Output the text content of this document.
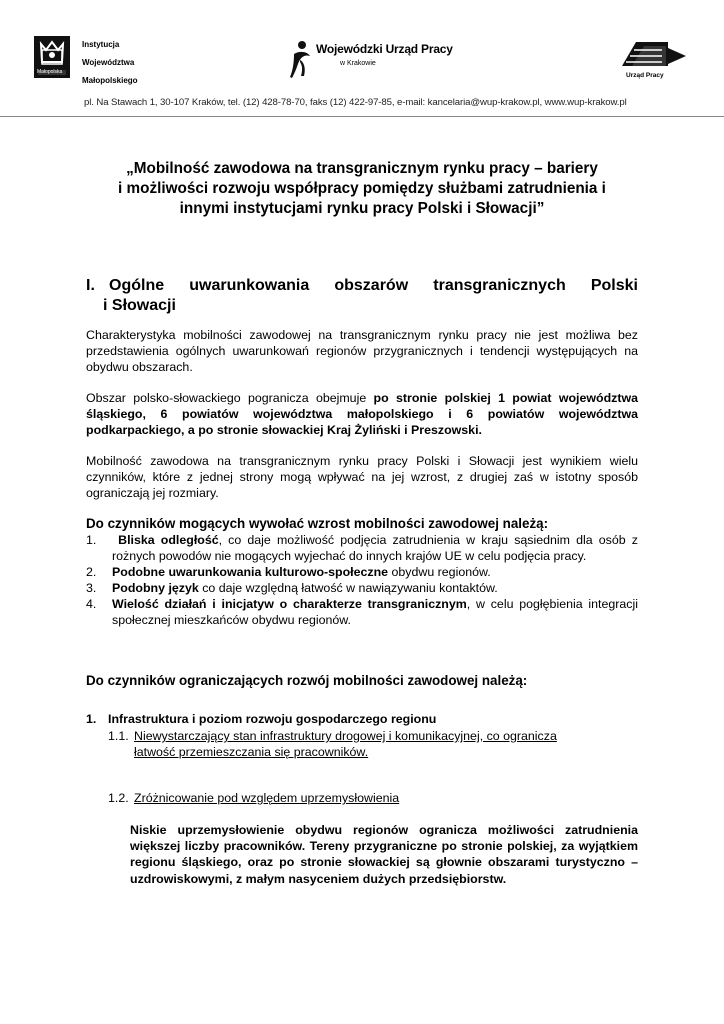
Małopolska
Instytucja
Województwa
Małopolskiego
Wojewódzki Urząd Pracy
w Krakowie
Urząd Pracy
pl. Na Stawach 1, 30-107 Kraków, tel. (12) 428-78-70, faks (12) 422-97-85, e-mail: kancelaria@wup-krakow.pl, www.wup-krakow.pl
„Mobilność zawodowa na transgranicznym rynku pracy – bariery
i możliwości rozwoju współpracy pomiędzy służbami zatrudnienia i
innymi instytucjami rynku pracy Polski i Słowacji”
I. Ogólne uwarunkowania obszarów transgranicznych Polski
i Słowacji
Charakterystyka mobilności zawodowej na transgranicznym rynku pracy nie jest możliwa bez przedstawienia ogólnych uwarunkowań regionów przygranicznych i tendencji występujących na obydwu obszarach.
Obszar polsko-słowackiego pogranicza obejmuje po stronie polskiej 1 powiat województwa śląskiego, 6 powiatów województwa małopolskiego i 6 powiatów województwa podkarpackiego, a po stronie słowackiej Kraj Żyliński i Preszowski.
Mobilność zawodowa na transgranicznym rynku pracy Polski i Słowacji jest wynikiem wielu czynników, które z jednej strony mogą wpływać na jej wzrost, z drugiej zaś w istotny sposób ograniczają jej rozmiary.
Do czynników mogących wywołać wzrost mobilności zawodowej należą:
1.	Bliska odległość, co daje możliwość podjęcia zatrudnienia w kraju sąsiednim dla osób z rożnych powodów nie mogących wyjechać do innych krajów UE w celu podjęcia pracy.
2. Podobne uwarunkowania kulturowo-społeczne obydwu regionów.
3. Podobny język co daje względną łatwość w nawiązywaniu kontaktów.
4. Wielość działań i inicjatyw o charakterze transgranicznym, w celu pogłębienia integracji społecznej mieszkańców obydwu regionów.
Do czynników ograniczających rozwój mobilności zawodowej należą:
1. Infrastruktura i poziom rozwoju gospodarczego regionu
1.1. Niewystarczający stan infrastruktury drogowej i komunikacyjnej, co ogranicza
łatwość przemieszczania się pracowników.
1.2. Zróżnicowanie pod względem uprzemysłowienia
Niskie uprzemysłowienie obydwu regionów ogranicza możliwości zatrudnienia większej liczby pracowników. Tereny przygraniczne po stronie polskiej, za wyjątkiem regionu śląskiego, oraz po stronie słowackiej są głownie obszarami turystyczno – uzdrowiskowymi, z małym nasyceniem dużych przedsiębiorstw.
